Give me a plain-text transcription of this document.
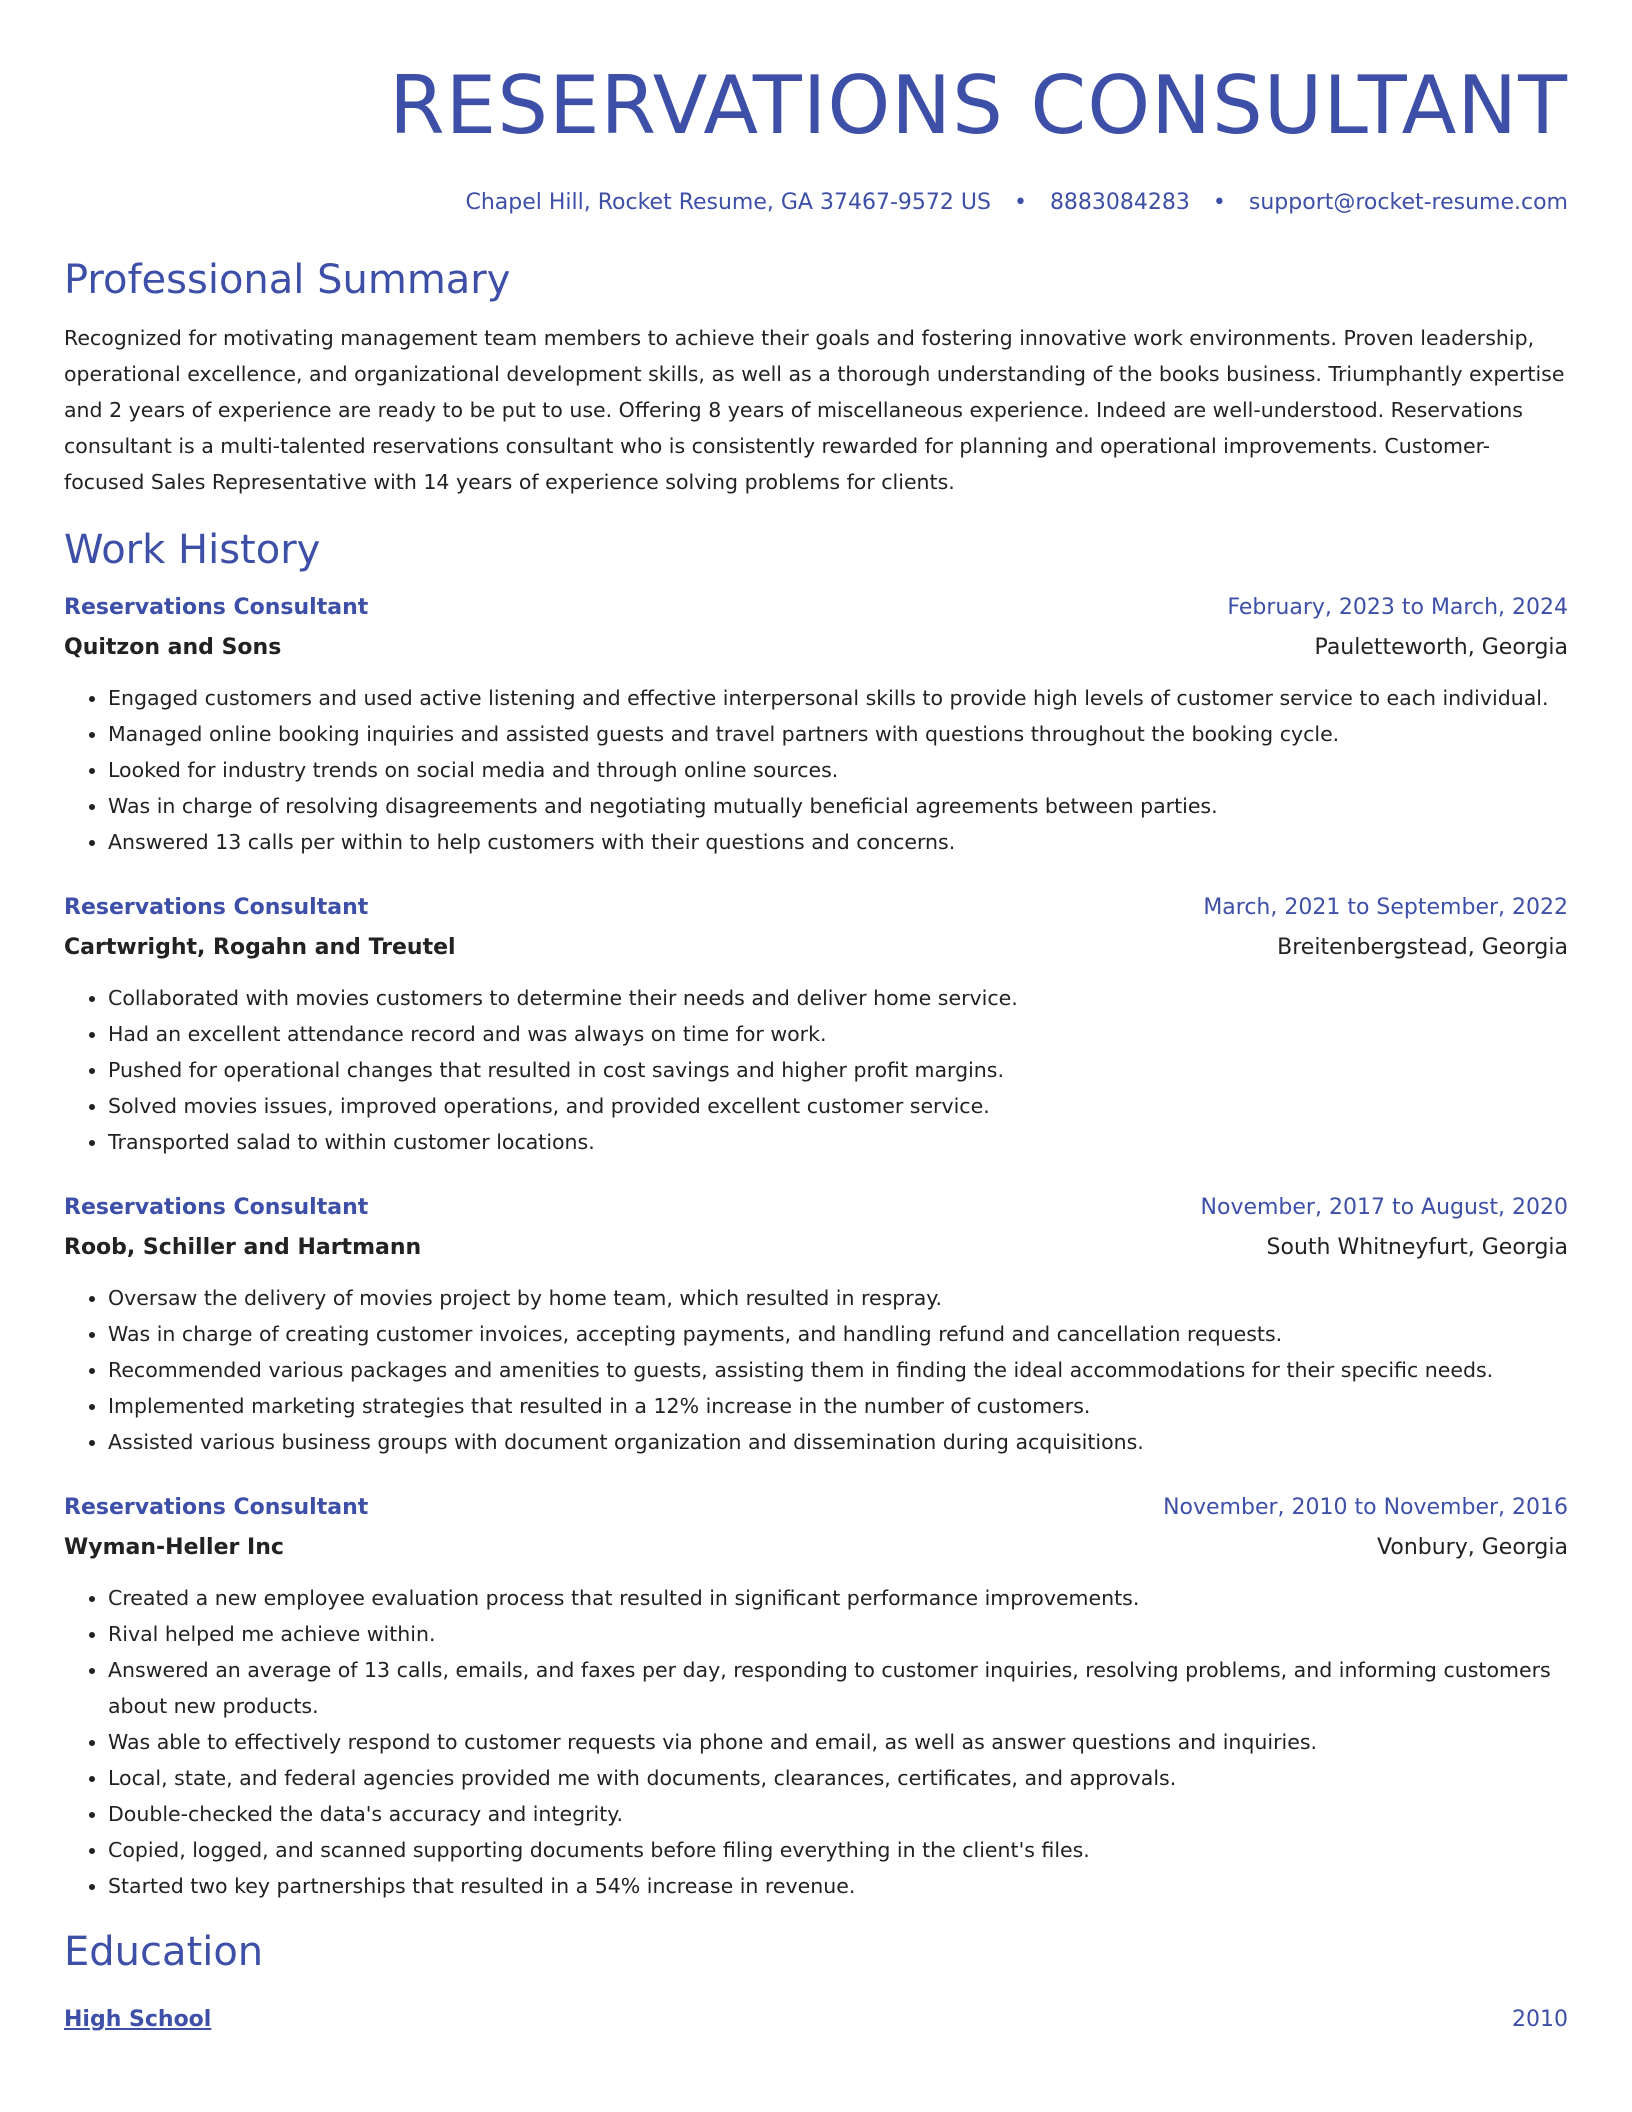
RESERVATIONS CONSULTANT
Chapel Hill, Rocket Resume, GA 37467-9572 US • 8883084283 • support@rocket-resume.com
Professional Summary
Recognized for motivating management team members to achieve their goals and fostering innovative work environments. Proven leadership, operational excellence, and organizational development skills, as well as a thorough understanding of the books business. Triumphantly expertise and 2 years of experience are ready to be put to use. Offering 8 years of miscellaneous experience. Indeed are well-understood. Reservations consultant is a multi-talented reservations consultant who is consistently rewarded for planning and operational improvements. Customer-focused Sales Representative with 14 years of experience solving problems for clients.
Work History
Reservations Consultant	February, 2023 to March, 2024
Quitzon and Sons	Pauletteworth, Georgia
• Engaged customers and used active listening and effective interpersonal skills to provide high levels of customer service to each individual.
• Managed online booking inquiries and assisted guests and travel partners with questions throughout the booking cycle.
• Looked for industry trends on social media and through online sources.
• Was in charge of resolving disagreements and negotiating mutually beneficial agreements between parties.
• Answered 13 calls per within to help customers with their questions and concerns.
Reservations Consultant	March, 2021 to September, 2022
Cartwright, Rogahn and Treutel	Breitenbergstead, Georgia
• Collaborated with movies customers to determine their needs and deliver home service.
• Had an excellent attendance record and was always on time for work.
• Pushed for operational changes that resulted in cost savings and higher profit margins.
• Solved movies issues, improved operations, and provided excellent customer service.
• Transported salad to within customer locations.
Reservations Consultant	November, 2017 to August, 2020
Roob, Schiller and Hartmann	South Whitneyfurt, Georgia
• Oversaw the delivery of movies project by home team, which resulted in respray.
• Was in charge of creating customer invoices, accepting payments, and handling refund and cancellation requests.
• Recommended various packages and amenities to guests, assisting them in finding the ideal accommodations for their specific needs.
• Implemented marketing strategies that resulted in a 12% increase in the number of customers.
• Assisted various business groups with document organization and dissemination during acquisitions.
Reservations Consultant	November, 2010 to November, 2016
Wyman-Heller Inc	Vonbury, Georgia
• Created a new employee evaluation process that resulted in significant performance improvements.
• Rival helped me achieve within.
• Answered an average of 13 calls, emails, and faxes per day, responding to customer inquiries, resolving problems, and informing customers about new products.
• Was able to effectively respond to customer requests via phone and email, as well as answer questions and inquiries.
• Local, state, and federal agencies provided me with documents, clearances, certificates, and approvals.
• Double-checked the data's accuracy and integrity.
• Copied, logged, and scanned supporting documents before filing everything in the client's files.
• Started two key partnerships that resulted in a 54% increase in revenue.
Education
High School	2010
